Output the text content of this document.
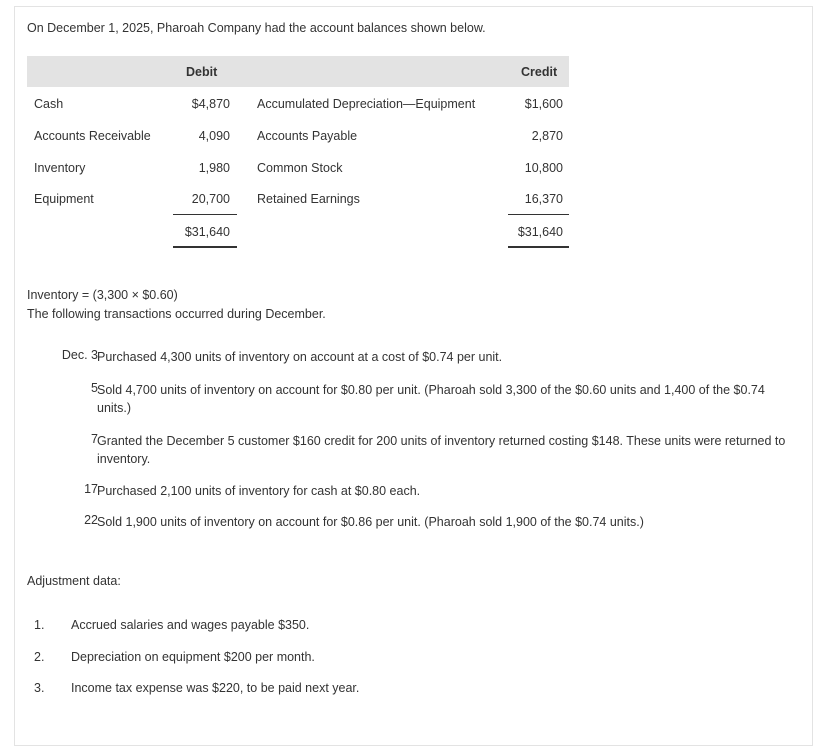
On December 1, 2025, Pharoah Company had the account balances shown below.
Debit	Credit
Cash	$4,870 Accumulated Depreciation—Equipment	$1,600
Accounts Receivable	4,090 Accounts Payable	2,870
Inventory	1,980 Common Stock	10,800
Equipment	20,700 Retained Earnings	16,370
$31,640	$31,640
Inventory = (3,300 × $0.60)
The following transactions occurred during December.
Dec. 3 Purchased 4,300 units of inventory on account at a cost of $0.74 per unit.
5 Sold 4,700 units of inventory on account for $0.80 per unit. (Pharoah sold 3,300 of the $0.60 units and 1,400 of the $0.74 units.)
7 Granted the December 5 customer $160 credit for 200 units of inventory returned costing $148. These units were returned to inventory.
17 Purchased 2,100 units of inventory for cash at $0.80 each.
22 Sold 1,900 units of inventory on account for $0.86 per unit. (Pharoah sold 1,900 of the $0.74 units.)
Adjustment data:
1. Accrued salaries and wages payable $350.
2. Depreciation on equipment $200 per month.
3. Income tax expense was $220, to be paid next year.
